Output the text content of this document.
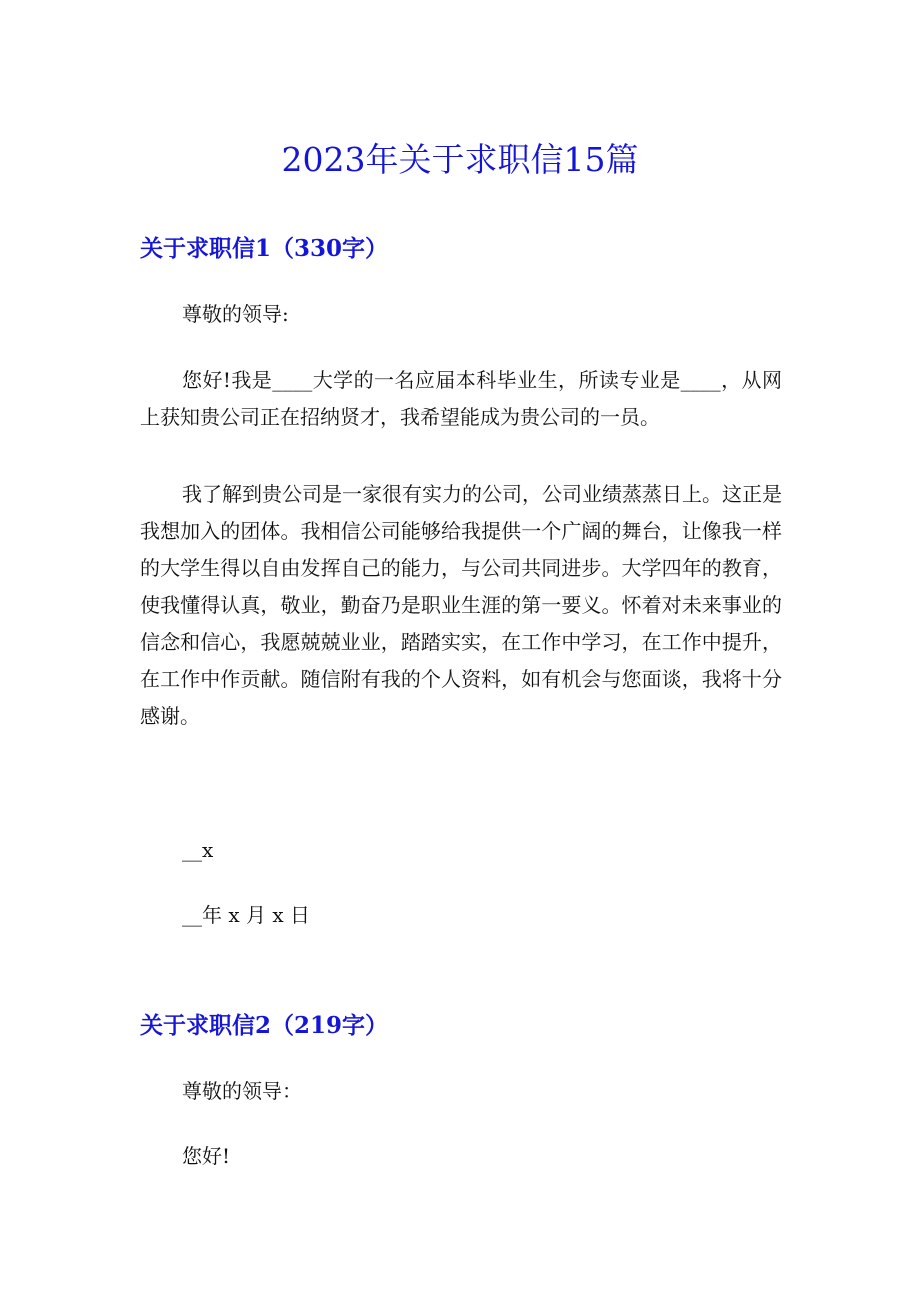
2023年关于求职信15篇
关于求职信1（330字）

尊敬的领导:

您好!我是____大学的一名应届本科毕业生，所读专业是____，从网上获知贵公司正在招纳贤才，我希望能成为贵公司的一员。

我了解到贵公司是一家很有实力的公司，公司业绩蒸蒸日上。这正是我想加入的团体。我相信公司能够给我提供一个广阔的舞台，让像我一样的大学生得以自由发挥自己的能力，与公司共同进步。大学四年的教育，使我懂得认真，敬业，勤奋乃是职业生涯的第一要义。怀着对未来事业的信念和信心，我愿兢兢业业，踏踏实实，在工作中学习，在工作中提升，在工作中作贡献。随信附有我的个人资料，如有机会与您面谈，我将十分感谢。

__x

__年 x 月 x 日

关于求职信2（219字）

尊敬的领导：

您好!
